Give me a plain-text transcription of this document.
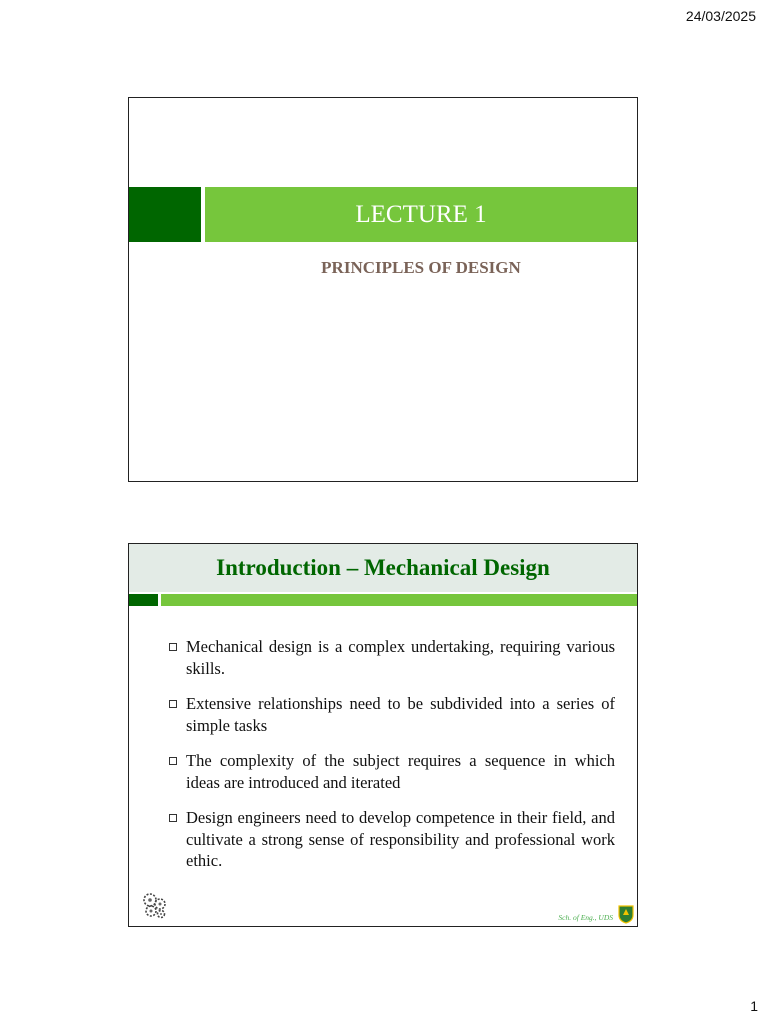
24/03/2025
LECTURE 1
PRINCIPLES OF DESIGN
Introduction – Mechanical Design
Mechanical design is a complex undertaking, requiring various skills.
Extensive relationships need to be subdivided into a series of simple tasks
The complexity of the subject requires a sequence in which ideas are introduced and iterated
Design engineers need to develop competence in their field, and cultivate a strong sense of responsibility and professional work ethic.
Sch. of Eng., UDS
1
